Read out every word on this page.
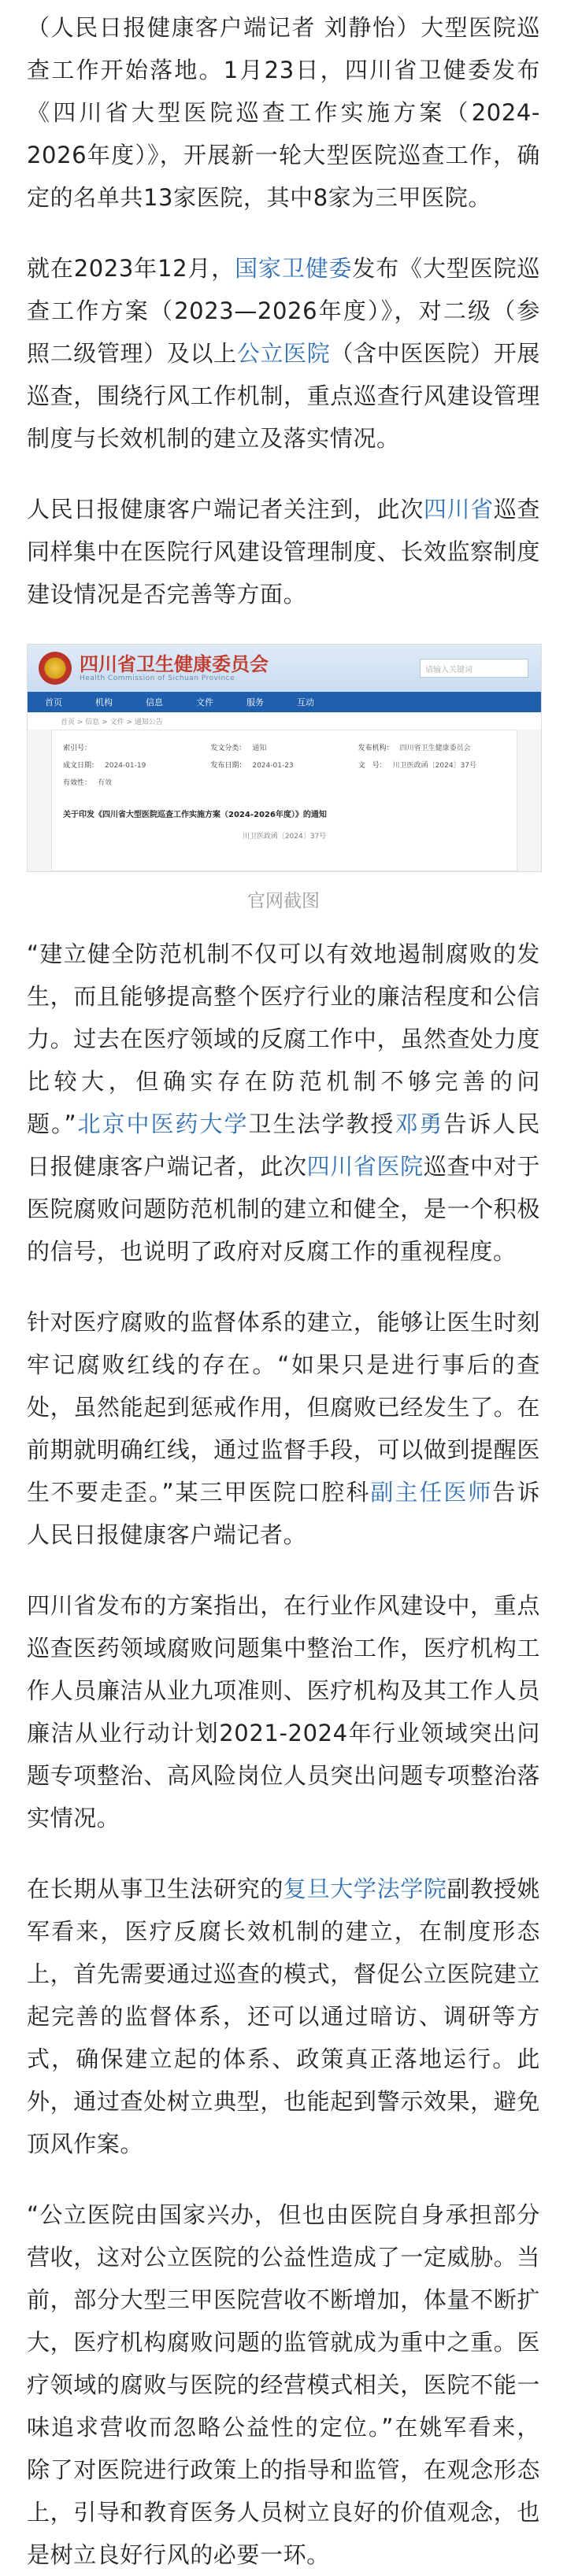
（人民日报健康客户端记者 刘静怡）大型医院巡查工作开始落地。1月23日，四川省卫健委发布《四川省大型医院巡查工作实施方案（2024-2026年度）》，开展新一轮大型医院巡查工作，确定的名单共13家医院，其中8家为三甲医院。

就在2023年12月，国家卫健委发布《大型医院巡查工作方案（2023—2026年度）》，对二级（参照二级管理）及以上公立医院（含中医医院）开展巡查，围绕行风工作机制，重点巡查行风建设管理制度与长效机制的建立及落实情况。

人民日报健康客户端记者关注到，此次四川省巡查同样集中在医院行风建设管理制度、长效监察制度建设情况是否完善等方面。

四川省卫生健康委员会
Health Commission of Sichuan Province
请输入关键词
首页	机构	信息	文件	服务	互动
首页 > 信息 > 文件 > 通知公告
索引号：	发文分类： 通知	发布机构： 四川省卫生健康委员会
成文日期： 2024-01-19	发布日期： 2024-01-23	文　号： 川卫医政函〔2024〕37号
有效性： 有效
关于印发《四川省大型医院巡查工作实施方案（2024-2026年度）》的通知
川卫医政函〔2024〕37号
官网截图

“建立健全防范机制不仅可以有效地遏制腐败的发生，而且能够提高整个医疗行业的廉洁程度和公信力。过去在医疗领域的反腐工作中，虽然查处力度比较大，但确实存在防范机制不够完善的问题。”北京中医药大学卫生法学教授邓勇告诉人民日报健康客户端记者，此次四川省医院巡查中对于医院腐败问题防范机制的建立和健全，是一个积极的信号，也说明了政府对反腐工作的重视程度。

针对医疗腐败的监督体系的建立，能够让医生时刻牢记腐败红线的存在。“如果只是进行事后的查处，虽然能起到惩戒作用，但腐败已经发生了。在前期就明确红线，通过监督手段，可以做到提醒医生不要走歪。”某三甲医院口腔科副主任医师告诉人民日报健康客户端记者。

四川省发布的方案指出，在行业作风建设中，重点巡查医药领域腐败问题集中整治工作，医疗机构工作人员廉洁从业九项准则、医疗机构及其工作人员廉洁从业行动计划2021-2024年行业领域突出问题专项整治、高风险岗位人员突出问题专项整治落实情况。

在长期从事卫生法研究的复旦大学法学院副教授姚军看来，医疗反腐长效机制的建立，在制度形态上，首先需要通过巡查的模式，督促公立医院建立起完善的监督体系，还可以通过暗访、调研等方式，确保建立起的体系、政策真正落地运行。此外，通过查处树立典型，也能起到警示效果，避免顶风作案。

“公立医院由国家兴办，但也由医院自身承担部分营收，这对公立医院的公益性造成了一定威胁。当前，部分大型三甲医院营收不断增加，体量不断扩大，医疗机构腐败问题的监管就成为重中之重。医疗领域的腐败与医院的经营模式相关，医院不能一味追求营收而忽略公益性的定位。”在姚军看来，除了对医院进行政策上的指导和监管，在观念形态上，引导和教育医务人员树立良好的价值观念，也是树立良好行风的必要一环。
